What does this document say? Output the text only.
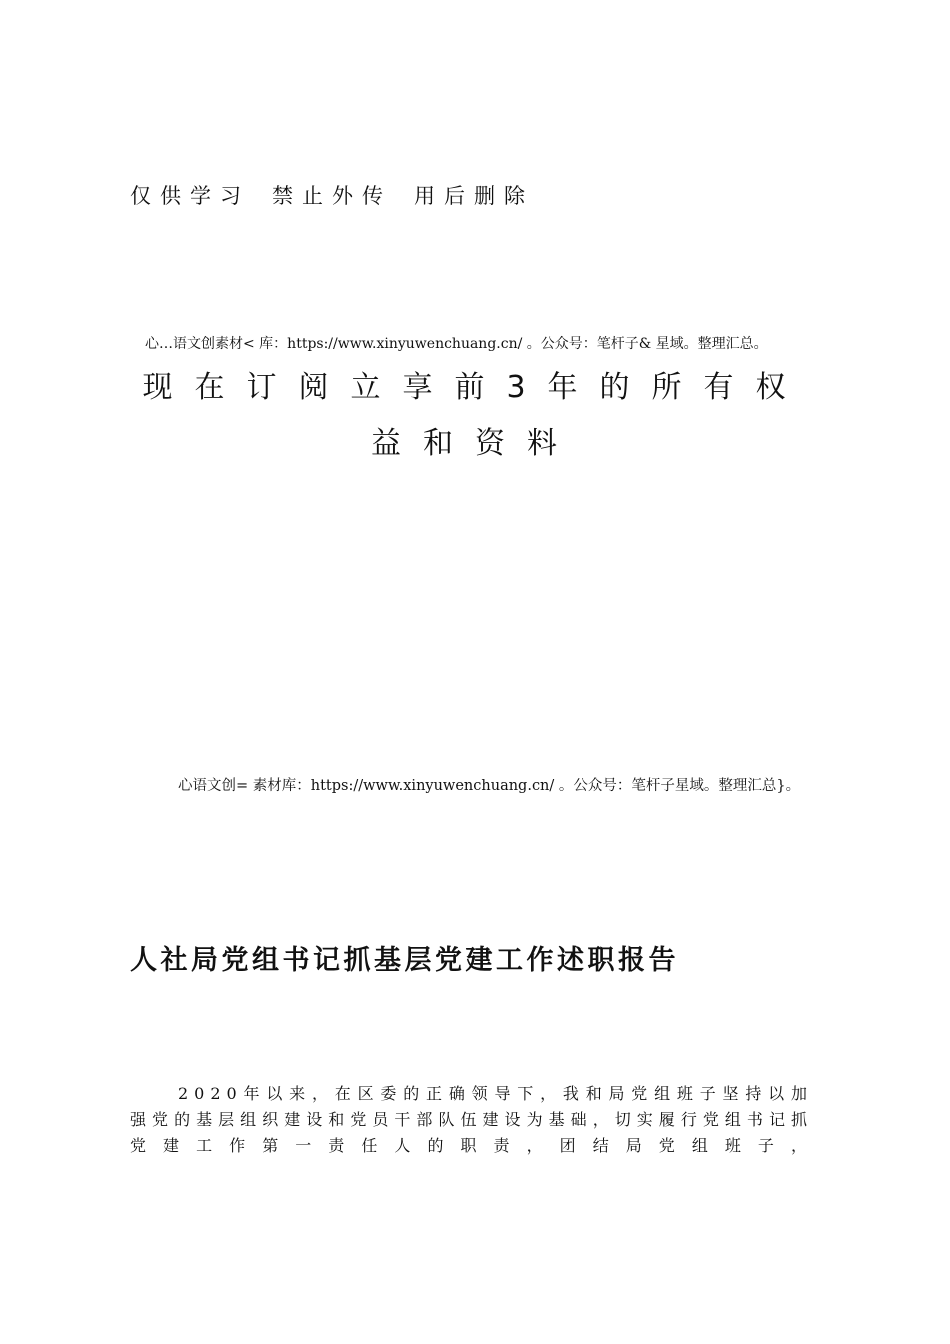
仅供学习 禁止外传 用后删除
心…语文创素材< 库：https://www.xinyuwenchuang.cn/ 。公众号：笔杆子& 星域。整理汇总。
现在订阅立享前3年的所有权益和资料
心语文创= 素材库：https://www.xinyuwenchuang.cn/ 。公众号：笔杆子星域。整理汇总}。
人社局党组书记抓基层党建工作述职报告
2020年以来，在区委的正确领导下，我和局党组班子坚持以加强党的基层组织建设和党员干部队伍建设为基础，切实履行党组书记抓党建工作第一责任人的职责，团结局党组班子，
